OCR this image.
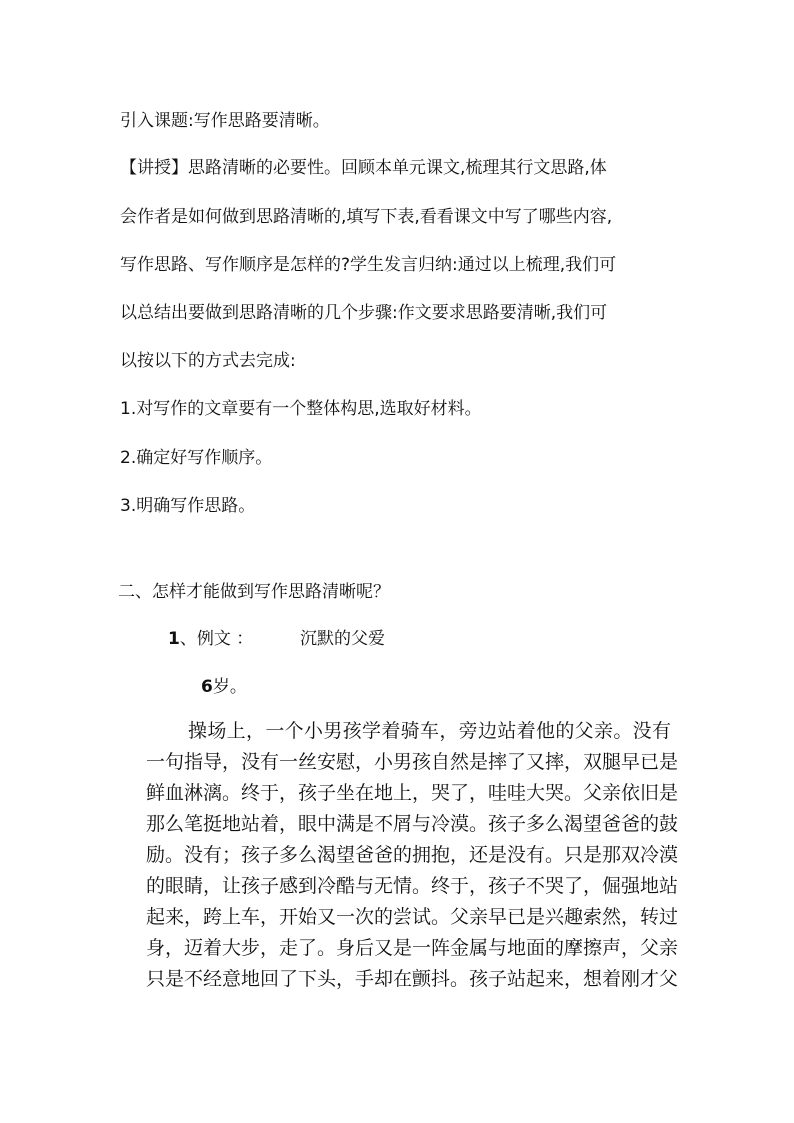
引入课题:写作思路要清晰。
【讲授】思路清晰的必要性。回顾本单元课文,梳理其行文思路,体
会作者是如何做到思路清晰的,填写下表,看看课文中写了哪些内容,
写作思路、写作顺序是怎样的?学生发言归纳:通过以上梳理,我们可
以总结出要做到思路清晰的几个步骤:作文要求思路要清晰,我们可
以按以下的方式去完成:
1.对写作的文章要有一个整体构思,选取好材料。
2.确定好写作顺序。
3.明确写作思路。
二、怎样才能做到写作思路清晰呢？
1、例文 ：	沉默的父爱
6岁。
操场上，一个小男孩学着骑车，旁边站着他的父亲。没有
一句指导，没有一丝安慰，小男孩自然是摔了又摔，双腿早已是
鲜血淋漓。终于，孩子坐在地上，哭了，哇哇大哭。父亲依旧是
那么笔挺地站着，眼中满是不屑与冷漠。孩子多么渴望爸爸的鼓
励。没有；孩子多么渴望爸爸的拥抱，还是没有。只是那双冷漠
的眼睛，让孩子感到冷酷与无情。终于，孩子不哭了，倔强地站
起来，跨上车，开始又一次的尝试。父亲早已是兴趣索然，转过
身，迈着大步，走了。身后又是一阵金属与地面的摩擦声，父亲
只是不经意地回了下头，手却在颤抖。孩子站起来，想着刚才父
